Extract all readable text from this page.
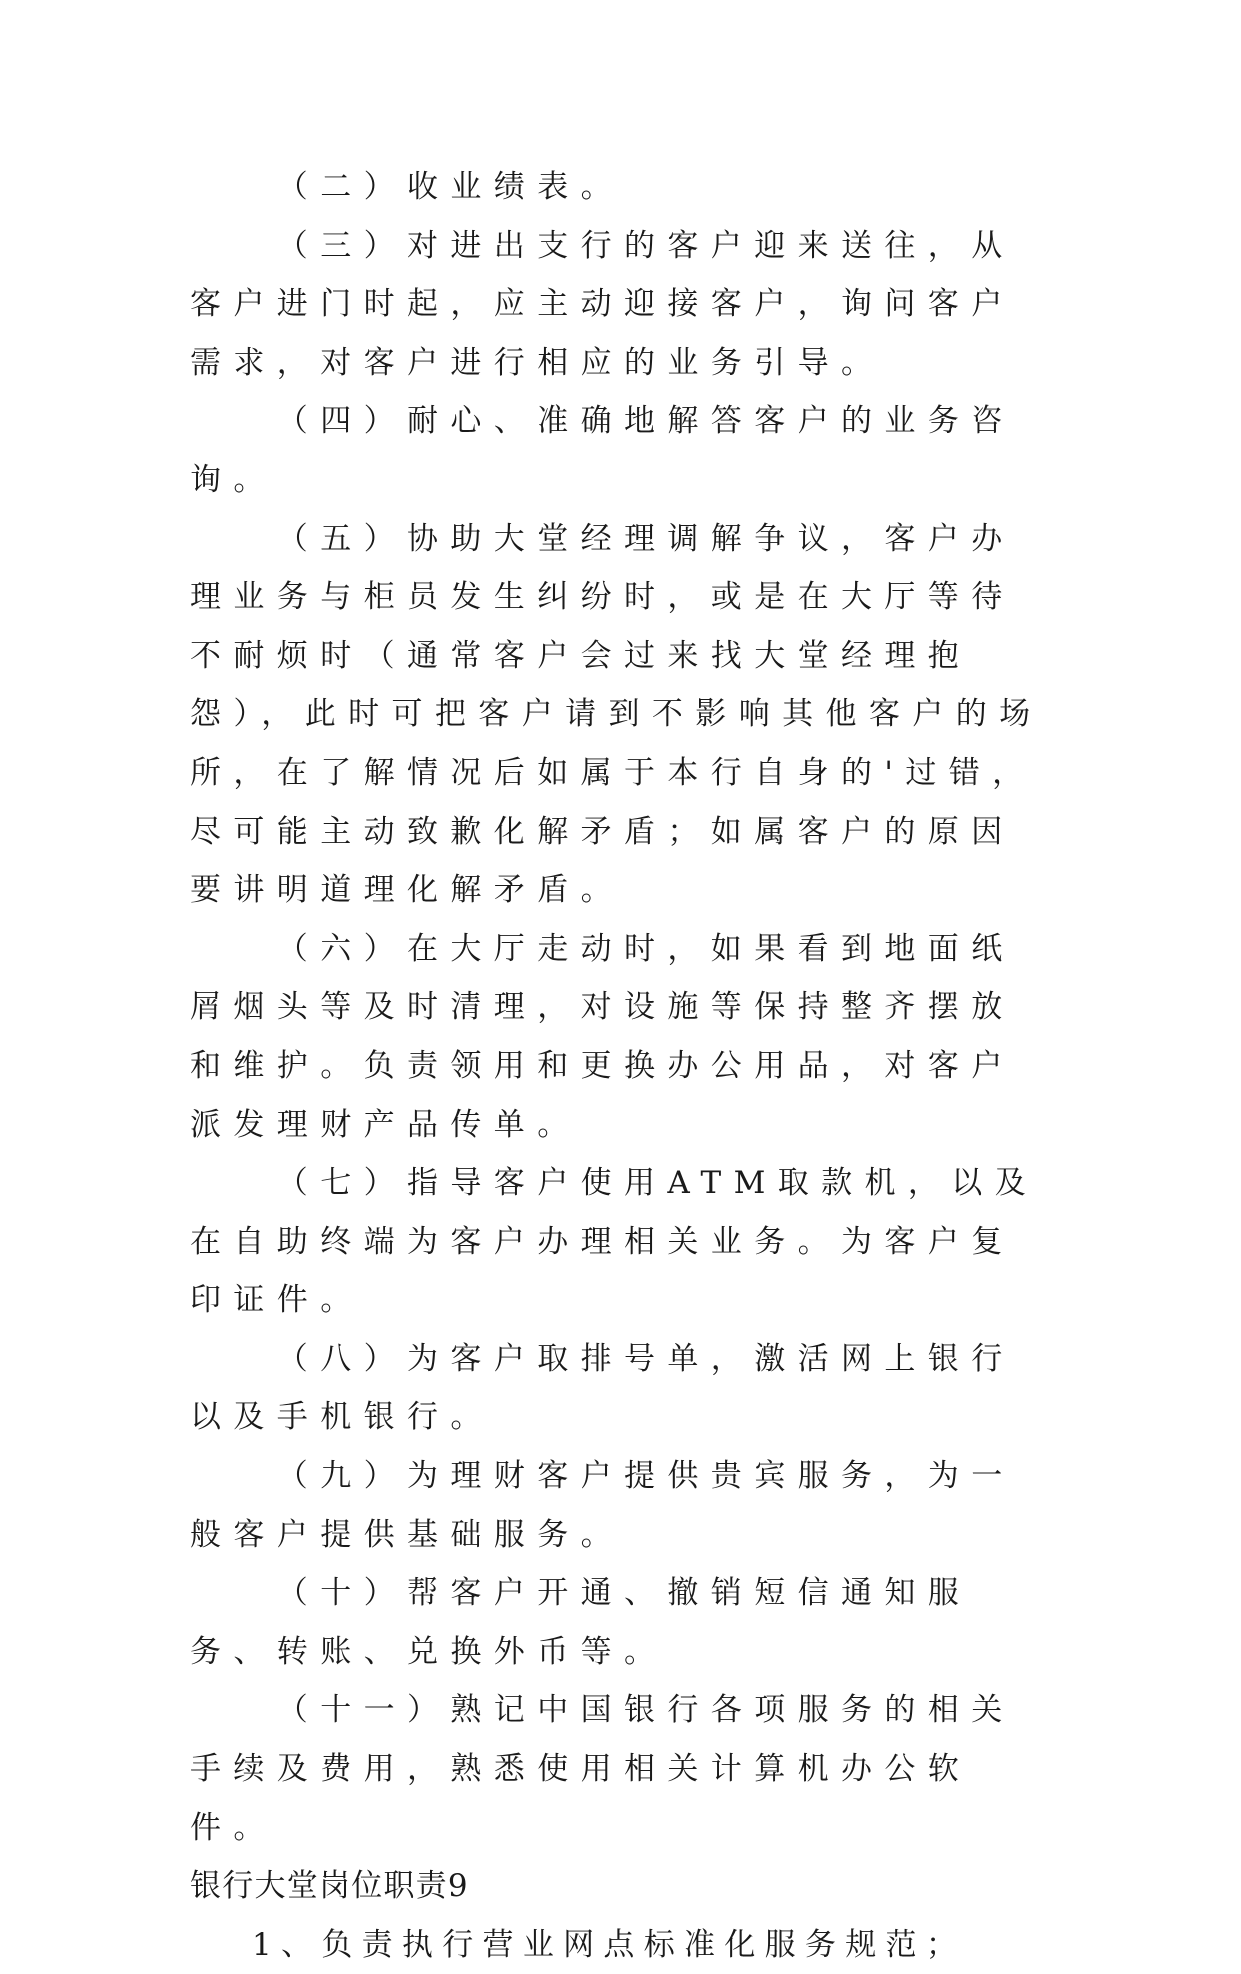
（二）收业绩表。

（三）对进出支行的客户迎来送往，从客户进门时起，应主动迎接客户，询问客户需求，对客户进行相应的业务引导。

（四）耐心、准确地解答客户的业务咨询。

（五）协助大堂经理调解争议，客户办理业务与柜员发生纠纷时，或是在大厅等待不耐烦时（通常客户会过来找大堂经理抱怨），此时可把客户请到不影响其他客户的场所，在了解情况后如属于本行自身的'过错，尽可能主动致歉化解矛盾；如属客户的原因要讲明道理化解矛盾。

（六）在大厅走动时，如果看到地面纸屑烟头等及时清理，对设施等保持整齐摆放和维护。负责领用和更换办公用品，对客户派发理财产品传单。

（七）指导客户使用ATM取款机，以及在自助终端为客户办理相关业务。为客户复印证件。

（八）为客户取排号单，激活网上银行以及手机银行。

（九）为理财客户提供贵宾服务，为一般客户提供基础服务。

（十）帮客户开通、撤销短信通知服务、转账、兑换外币等。

（十一）熟记中国银行各项服务的相关手续及费用，熟悉使用相关计算机办公软件。

银行大堂岗位职责9

1、负责执行营业网点标准化服务规范；
